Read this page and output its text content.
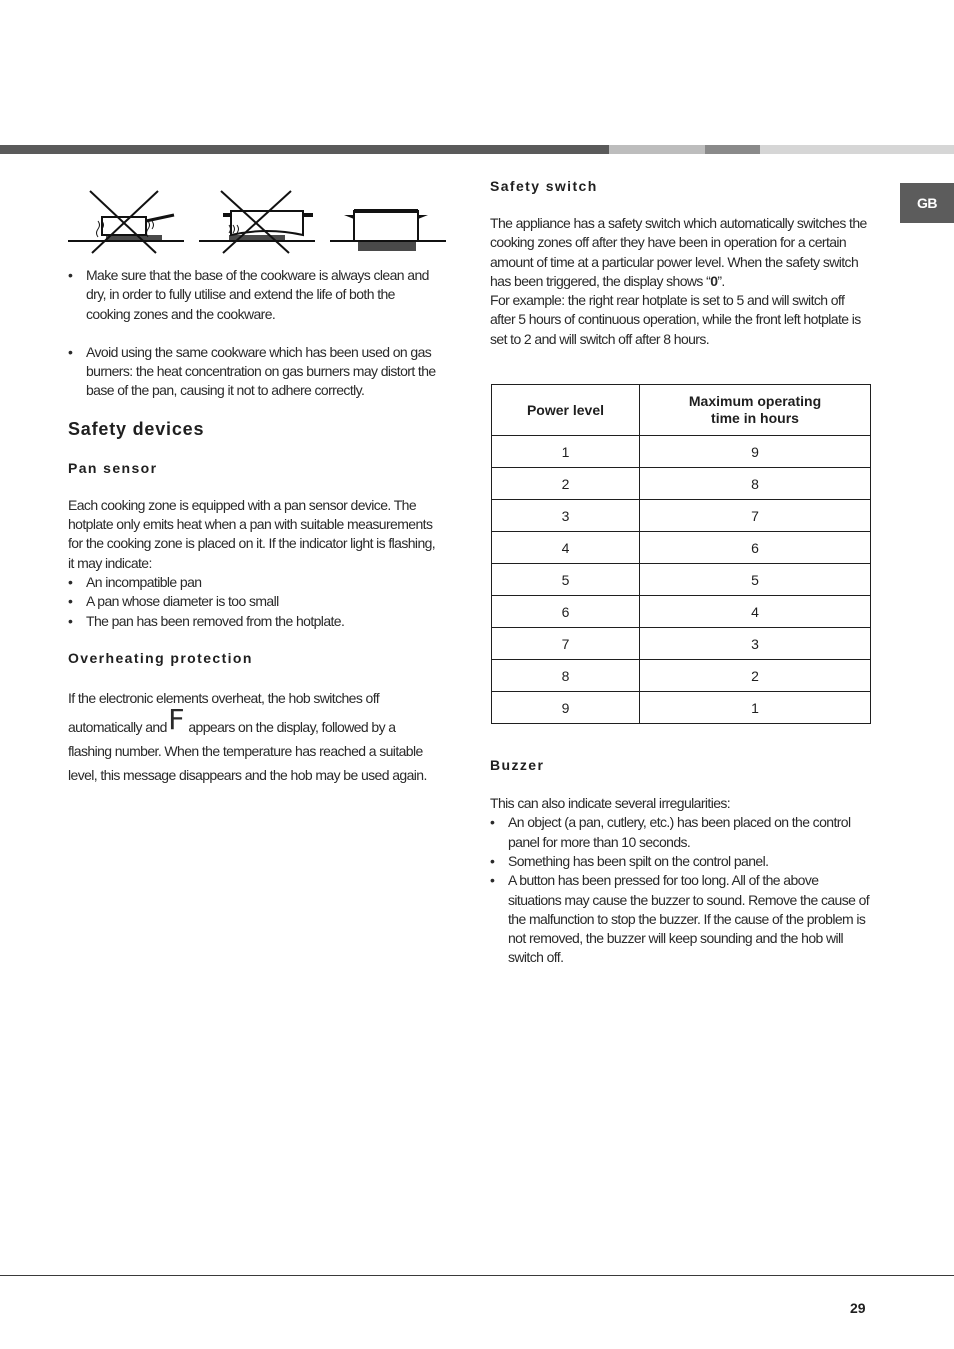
GB
• Make sure that the base of the cookware is always clean and dry, in order to fully utilise and extend the life of both the cooking zones and the cookware.
• Avoid using the same cookware which has been used on gas burners: the heat concentration on gas burners may distort the base of the pan, causing it not to adhere correctly.
Safety devices
Pan sensor
Each cooking zone is equipped with a pan sensor device. The hotplate only emits heat when a pan with suitable measurements for the cooking zone is placed on it. If the indicator light is flashing, it may indicate:
• An incompatible pan
• A pan whose diameter is too small
• The pan has been removed from the hotplate.
Overheating protection
If the electronic elements overheat, the hob switches off
automatically andF appears on the display, followed by a flashing number. When the temperature has reached a suitable level, this message disappears and the hob may be used again.
Safety switch
The appliance has a safety switch which automatically switches the cooking zones off after they have been in operation for a certain amount of time at a particular power level. When the safety switch has been triggered, the display shows “0”.
For example: the right rear hotplate is set to 5 and will switch off after 5 hours of continuous operation, while the front left hotplate is set to 2 and will switch off after 8 hours.
Power level	Maximum operating
time in hours
1	9
2	8
3	7
4	6
5	5
6	4
7	3
8	2
9	1
Buzzer
This can also indicate several irregularities:
• An object (a pan, cutlery, etc.) has been placed on the control panel for more than 10 seconds.
• Something has been spilt on the control panel.
• A button has been pressed for too long. All of the above situations may cause the buzzer to sound. Remove the cause of the malfunction to stop the buzzer. If the cause of the problem is not removed, the buzzer will keep sounding and the hob will switch off.
29
